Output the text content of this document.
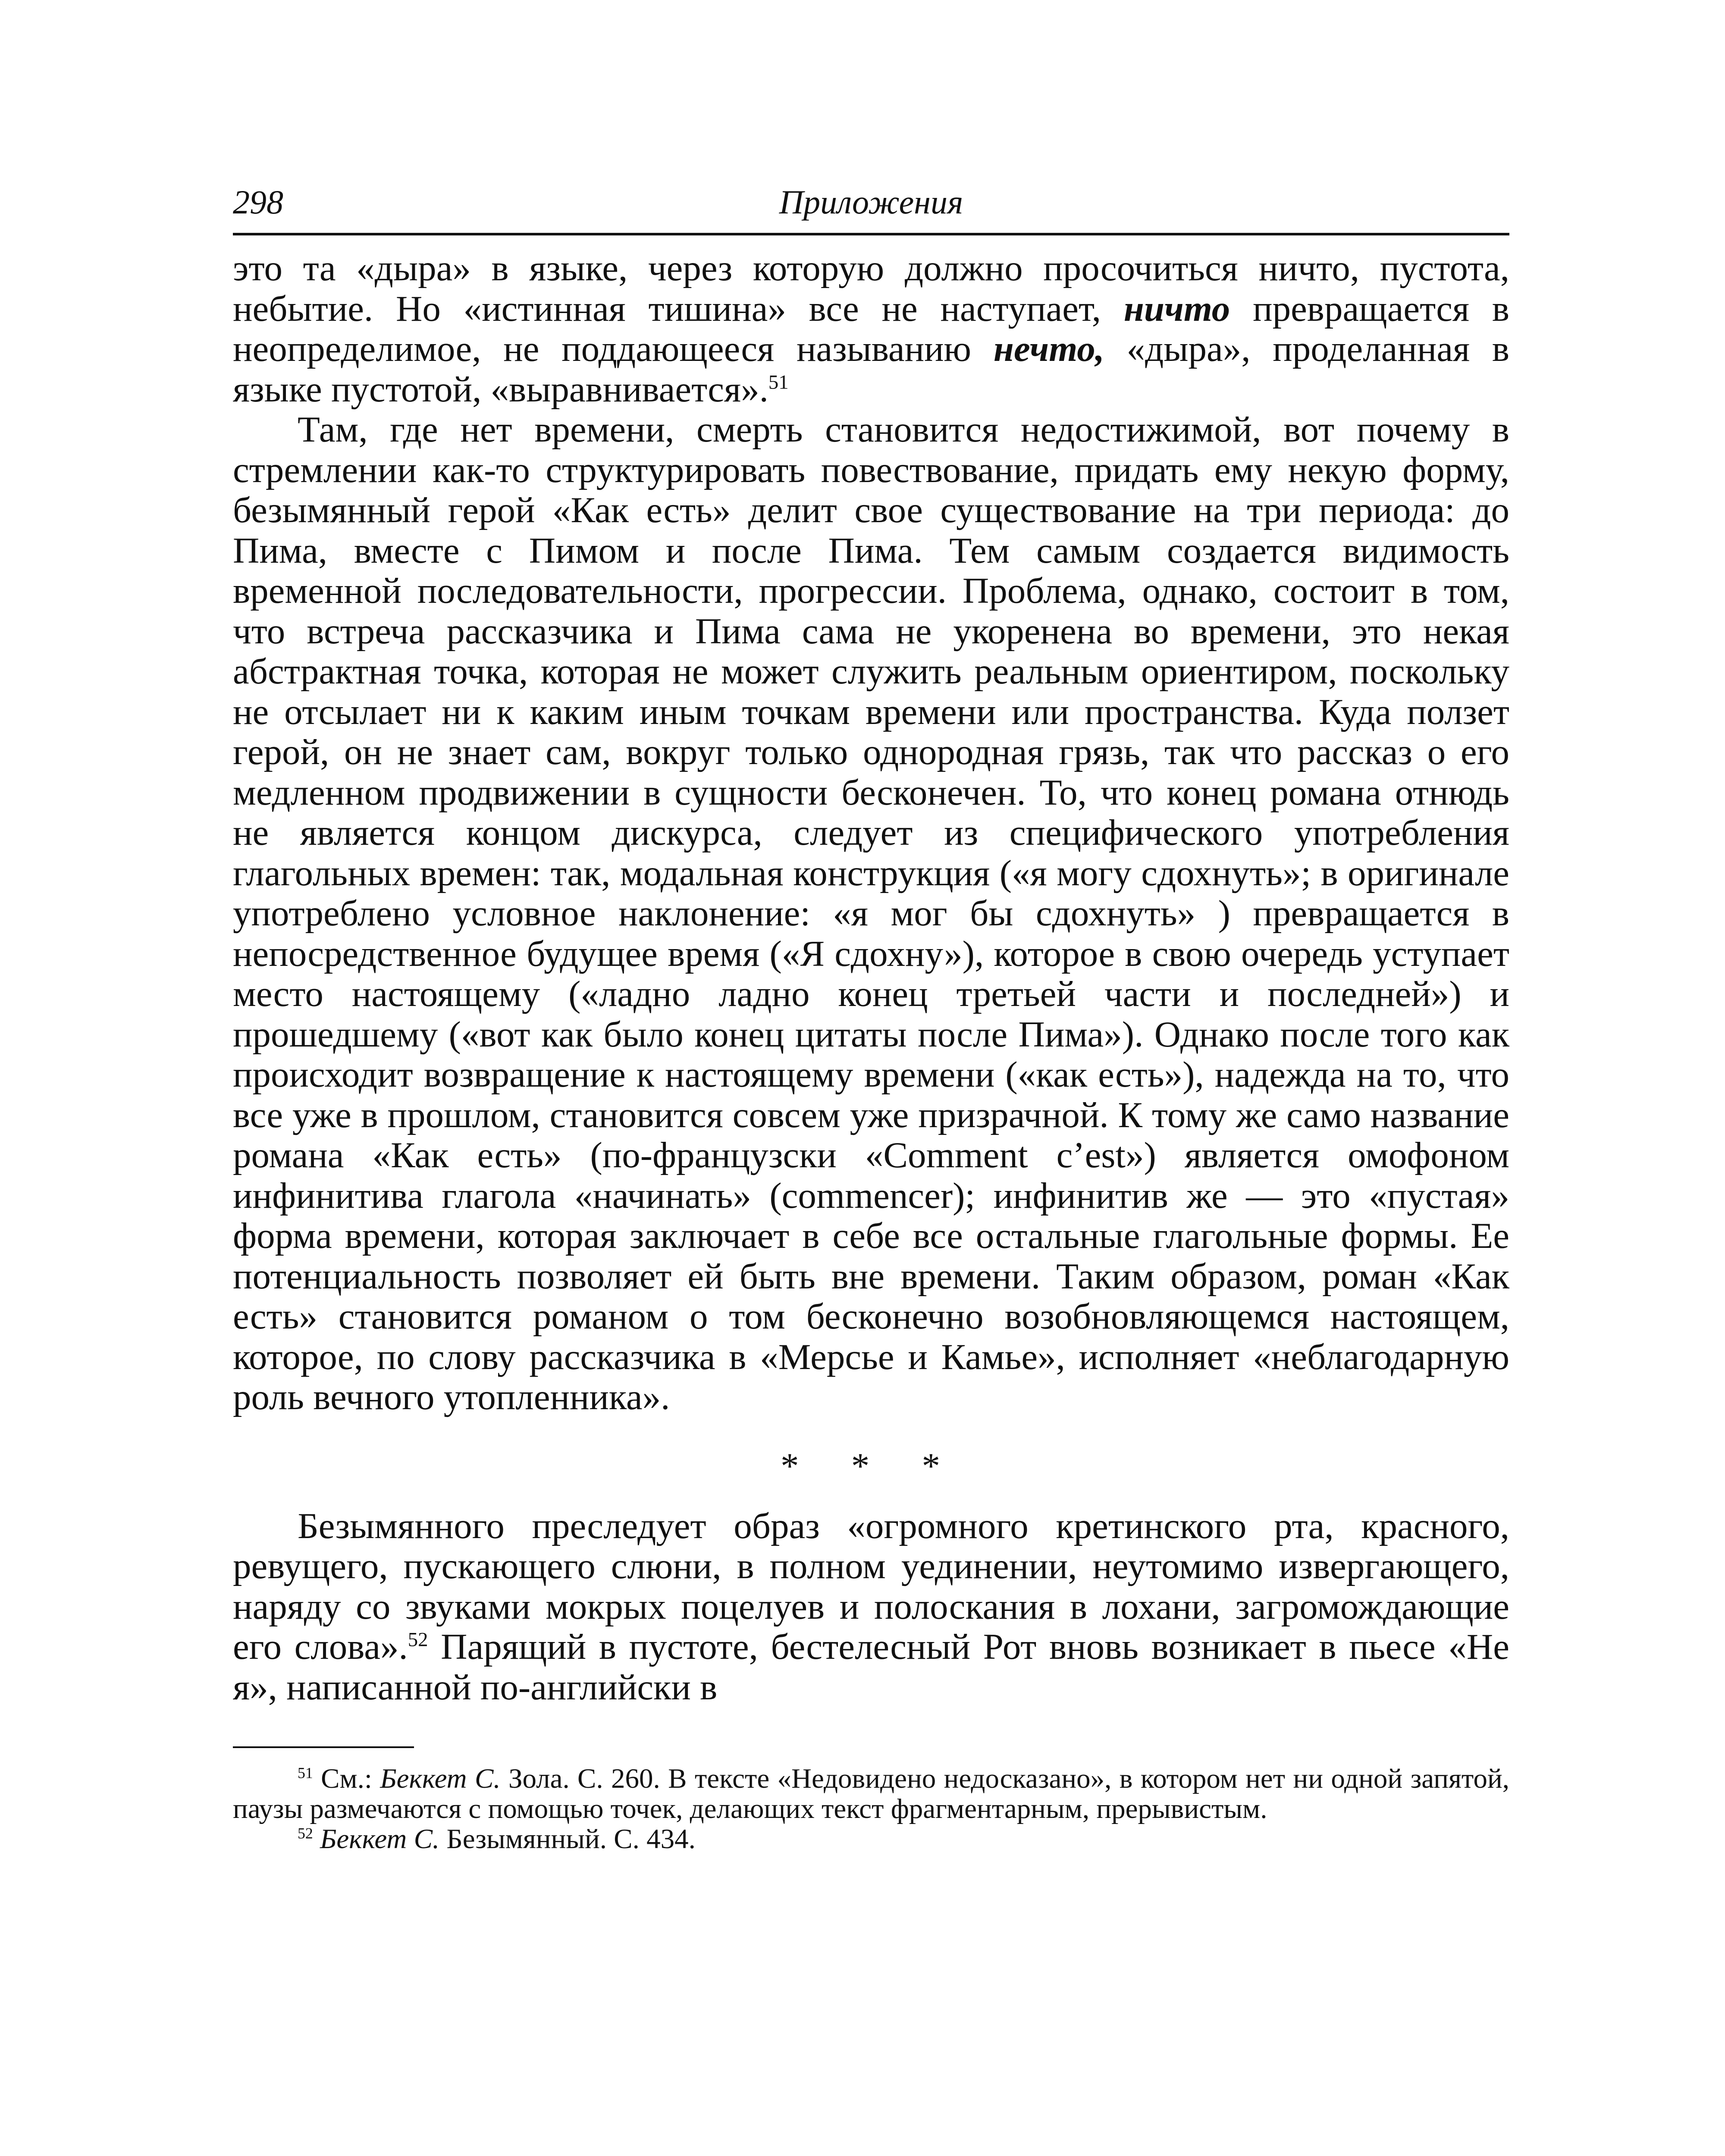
298	Приложения

это та «дыра» в языке, через которую должно просочиться ничто, пустота, небытие. Но «истинная тишина» все не наступает, ничто превращается в неопределимое, не поддающееся называнию нечто, «дыра», проделанная в языке пустотой, «выравнивается».$^{51}$

Там, где нет времени, смерть становится недостижимой, вот почему в стремлении как-то структурировать повествование, придать ему некую форму, безымянный герой «Как есть» делит свое существование на три периода: до Пима, вместе с Пимом и после Пима. Тем самым создается видимость временной последовательности, прогрессии. Проблема, однако, состоит в том, что встреча рассказчика и Пима сама не укоренена во времени, это некая абстрактная точка, которая не может служить реальным ориентиром, поскольку не отсылает ни к каким иным точкам времени или пространства. Куда ползет герой, он не знает сам, вокруг только однородная грязь, так что рассказ о его медленном продвижении в сущности бесконечен. То, что конец романа отнюдь не является концом дискурса, следует из специфического употребления глагольных времен: так, модальная конструкция («я могу сдохнуть»; в оригинале употреблено условное наклонение: «я мог бы сдохнуть» ) превращается в непосредственное будущее время («Я сдохну»), которое в свою очередь уступает место настоящему («ладно ладно конец третьей части и последней») и прошедшему («вот как было конец цитаты после Пима»). Однако после того как происходит возвращение к настоящему времени («как есть»), надежда на то, что все уже в прошлом, становится совсем уже призрачной. К тому же само название романа «Как есть» (по-французски «Comment c’est») является омофоном инфинитива глагола «начинать» (commencer); инфинитив же — это «пустая» форма времени, которая заключает в себе все остальные глагольные формы. Ее потенциальность позволяет ей быть вне времени. Таким образом, роман «Как есть» становится романом о том бесконечно возобновляющемся настоящем, которое, по слову рассказчика в «Мерсье и Камье», исполняет «неблагодарную роль вечного утопленника».

* * *

Безымянного преследует образ «огромного кретинского рта, красного, ревущего, пускающего слюни, в полном уединении, неутомимо извергающего, наряду со звуками мокрых поцелуев и полоскания в лохани, загромождающие его слова».$^{52}$ Парящий в пустоте, бестелесный Рот вновь возникает в пьесе «Не я», написанной по-английски в

$^{51}$ См.: Беккет С. Зола. С. 260. В тексте «Недовидено недосказано», в котором нет ни одной запятой, паузы размечаются с помощью точек, делающих текст фрагментарным, прерывистым.

$^{52}$ Беккет С. Безымянный. С. 434.
